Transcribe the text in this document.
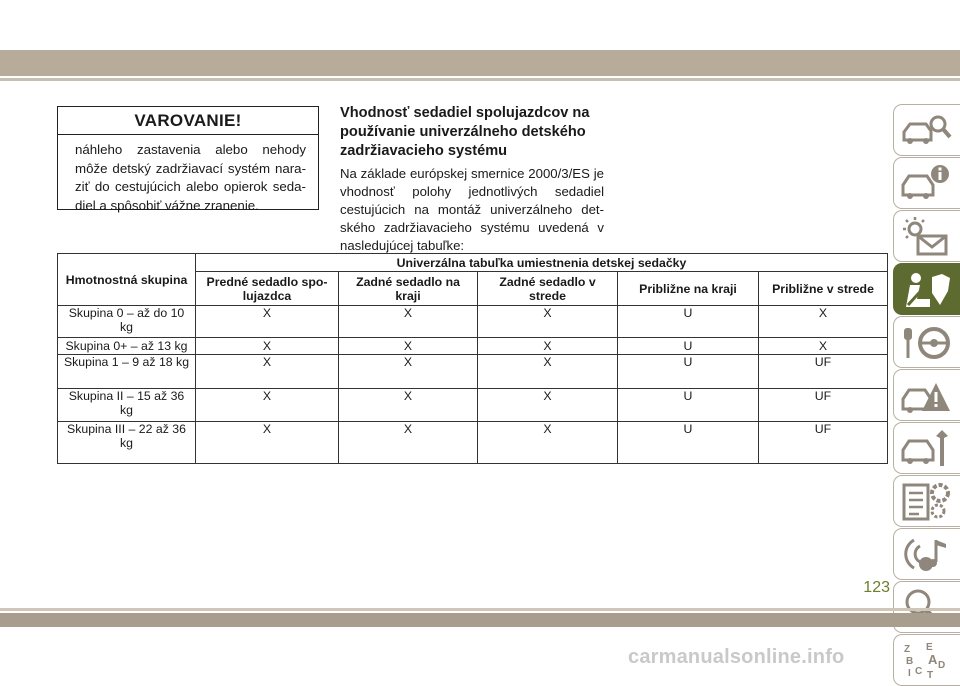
VAROVANIE!
náhleho zastavenia alebo nehody môže detský zadržiavací systém nara- ziť do cestujúcich alebo opierok seda- diel a spôsobiť vážne zranenie.
Vhodnosť sedadiel spolujazdcov na používanie univerzálneho detského zadržiavacieho systému
Na základe európskej smernice 2000/3/ES je vhodnosť polohy jednotlivých sedadiel cestujúcich na montáž univerzálneho det- ského zadržiavacieho systému uvedená v nasledujúcej tabuľke:
Hmotnostná skupina	Univerzálna tabuľka umiestnenia detskej sedačky				
	Predné sedadlo spo- lujazdca	Zadné sedadlo na kraji	Zadné sedadlo v strede	Približne na kraji	Približne v strede
Skupina 0 – až do 10 kg	X	X	X	U	X
Skupina 0+ – až 13 kg	X	X	X	U	X
Skupina 1 – 9 až 18 kg	X	X	X	U	UF
Skupina II – 15 až 36 kg	X	X	X	U	UF
Skupina III – 22 až 36 kg	X	X	X	U	UF
Z E
B A D
I C T
123
carmanualsonline.info
